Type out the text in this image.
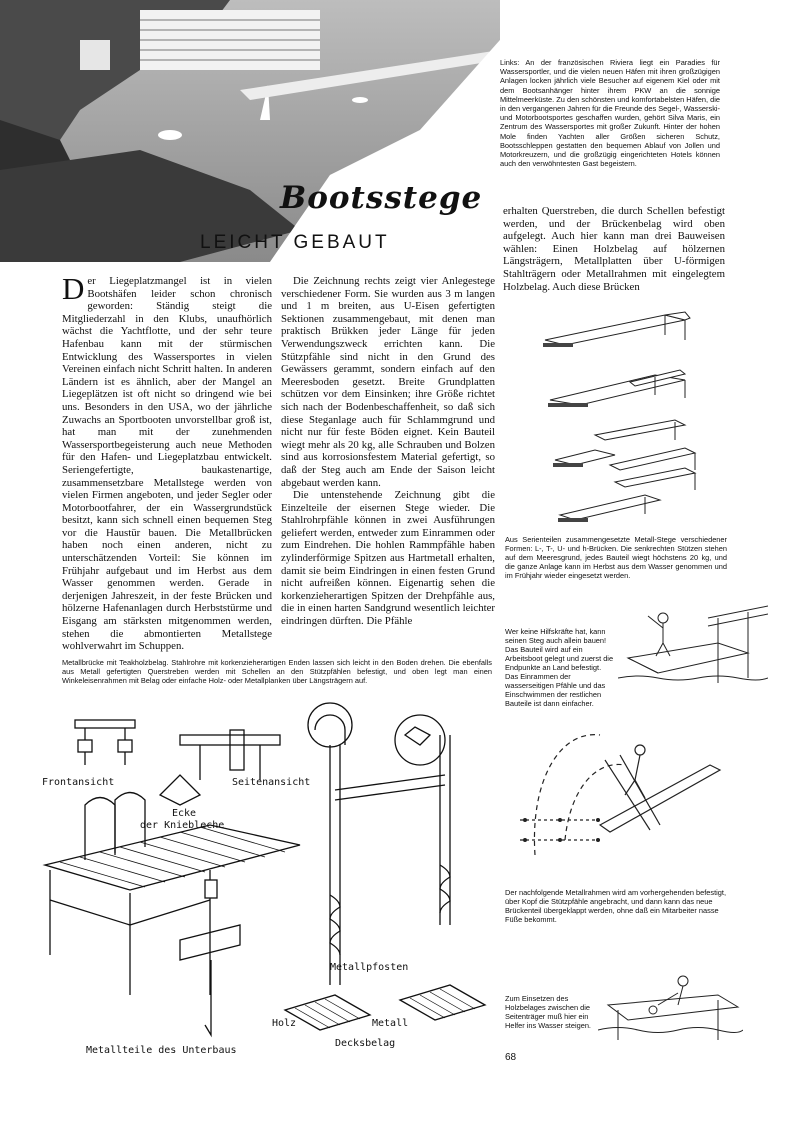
Links: An der französischen Riviera liegt ein Paradies für Wassersportler, und die vielen neuen Häfen mit ihren großzügigen Anlagen locken jährlich viele Besucher auf eigenem Kiel oder mit dem Bootsanhänger hinter ihrem PKW an die sonnige Mittelmeerküste. Zu den schönsten und komfortabelsten Häfen, die in den vergangenen Jahren für die Freunde des Segel-, Wasserski- und Motorbootsportes geschaffen wurden, gehört Silva Maris, ein Zentrum des Wassersportes mit großer Zukunft. Hinter der hohen Mole finden Yachten aller Größen sicheren Schutz, Bootsschleppen gestatten den bequemen Ablauf von Jollen und Motorkreuzern, und die großzügig eingerichteten Hotels können auch den verwöhntesten Gast begeistern.
Bootsstege
LEICHT GEBAUT
Der Liegeplatzmangel ist in vielen Bootshäfen leider schon chronisch geworden: Ständig steigt die Mitgliederzahl in den Klubs, unaufhörlich wächst die Yachtflotte, und der sehr teure Hafenbau kann mit der stürmischen Entwicklung des Wassersportes in vielen Vereinen einfach nicht Schritt halten. In anderen Ländern ist es ähnlich, aber der Mangel an Liegeplätzen ist oft nicht so dringend wie bei uns. Besonders in den USA, wo der jährliche Zuwachs an Sportbooten unvorstellbar groß ist, hat man mit der zunehmenden Wassersportbegeisterung auch neue Methoden für den Hafen- und Liegeplatzbau entwickelt. Seriengefertigte, baukastenartige, zusammensetzbare Metallstege werden von vielen Firmen angeboten, und jeder Segler oder Motorbootfahrer, der ein Wassergrundstück besitzt, kann sich schnell einen bequemen Steg vor die Haustür bauen. Die Metallbrücken haben noch einen anderen, nicht zu unterschätzenden Vorteil: Sie können im Frühjahr aufgebaut und im Herbst aus dem Wasser genommen werden. Gerade in derjenigen Jahreszeit, in der feste Brücken und hölzerne Hafenanlagen durch Herbststürme und Eisgang am stärksten mitgenommen werden, stehen die abmontierten Metallstege wohlverwahrt im Schuppen.
Die Zeichnung rechts zeigt vier Anlegestege verschiedener Form. Sie wurden aus 3 m langen und 1 m breiten, aus U-Eisen gefertigten Sektionen zusammengebaut, mit denen man praktisch Brükken jeder Länge für jeden Verwendungszweck errichten kann. Die Stützpfähle sind nicht in den Grund des Gewässers gerammt, sondern einfach auf den Meeresboden gesetzt. Breite Grundplatten schützen vor dem Einsinken; ihre Größe richtet sich nach der Bodenbeschaffenheit, so daß sich diese Steganlage auch für Schlammgrund und nicht nur für feste Böden eignet. Kein Bauteil wiegt mehr als 20 kg, alle Schrauben und Bolzen sind aus korrosionsfestem Material gefertigt, so daß der Steg auch am Ende der Saison leicht abgebaut werden kann.
Die untenstehende Zeichnung gibt die Einzelteile der eisernen Stege wieder. Die Stahlrohrpfähle können in zwei Ausführungen geliefert werden, entweder zum Einrammen oder zum Eindrehen. Die hohlen Rammpfähle haben zylinderförmige Spitzen aus Hartmetall erhalten, damit sie beim Eindringen in einen festen Grund nicht aufreißen können. Eigenartig sehen die korkenzieherartigen Spitzen der Drehpfähle aus, die in einen harten Sandgrund wesentlich leichter eindringen dürften. Die Pfähle
erhalten Querstreben, die durch Schellen befestigt werden, und der Brückenbelag wird oben aufgelegt. Auch hier kann man drei Bauweisen wählen: Einen Holzbelag auf hölzernen Längsträgern, Metallplatten über U-förmigen Stahlträgern oder Metallrahmen mit eingelegtem Holzbelag. Auch diese Brücken
Aus Serienteilen zusammengesetzte Metall-Stege verschiedener Formen: L-, T-, U- und h-Brücken. Die senkrechten Stützen stehen auf dem Meeresgrund, jedes Bauteil wiegt höchstens 20 kg, und die ganze Anlage kann im Herbst aus dem Wasser genommen und im Frühjahr wieder eingesetzt werden.
Wer keine Hilfskräfte hat, kann seinen Steg auch allein bauen! Das Bauteil wird auf ein Arbeitsboot gelegt und zuerst die Endpunkte an Land befestigt. Das Einrammen der wasserseitigen Pfähle und das Einschwimmen der restlichen Bauteile ist dann einfacher.
Der nachfolgende Metallrahmen wird am vorhergehenden befestigt, über Kopf die Stützpfähle angebracht, und dann kann das neue Brückenteil übergeklappt werden, ohne daß ein Mitarbeiter nasse Füße bekommt.
Zum Einsetzen des Holzbelages zwischen die Seitenträger muß hier ein Helfer ins Wasser steigen.
Metallbrücke mit Teakholzbelag. Stahlrohre mit korkenzieherartigen Enden lassen sich leicht in den Boden drehen. Die ebenfalls aus Metall gefertigten Querstreben werden mit Schellen an den Stützpfählen befestigt, und oben legt man einen Winkeleisenrahmen mit Belag oder einfache Holz- oder Metallplanken über Längsträgern auf.
Frontansicht	Seitenansicht
Ecke
der Kniebleche
Metallpfosten
Holz	Metall
Decksbelag
Metallteile des Unterbaus
68
